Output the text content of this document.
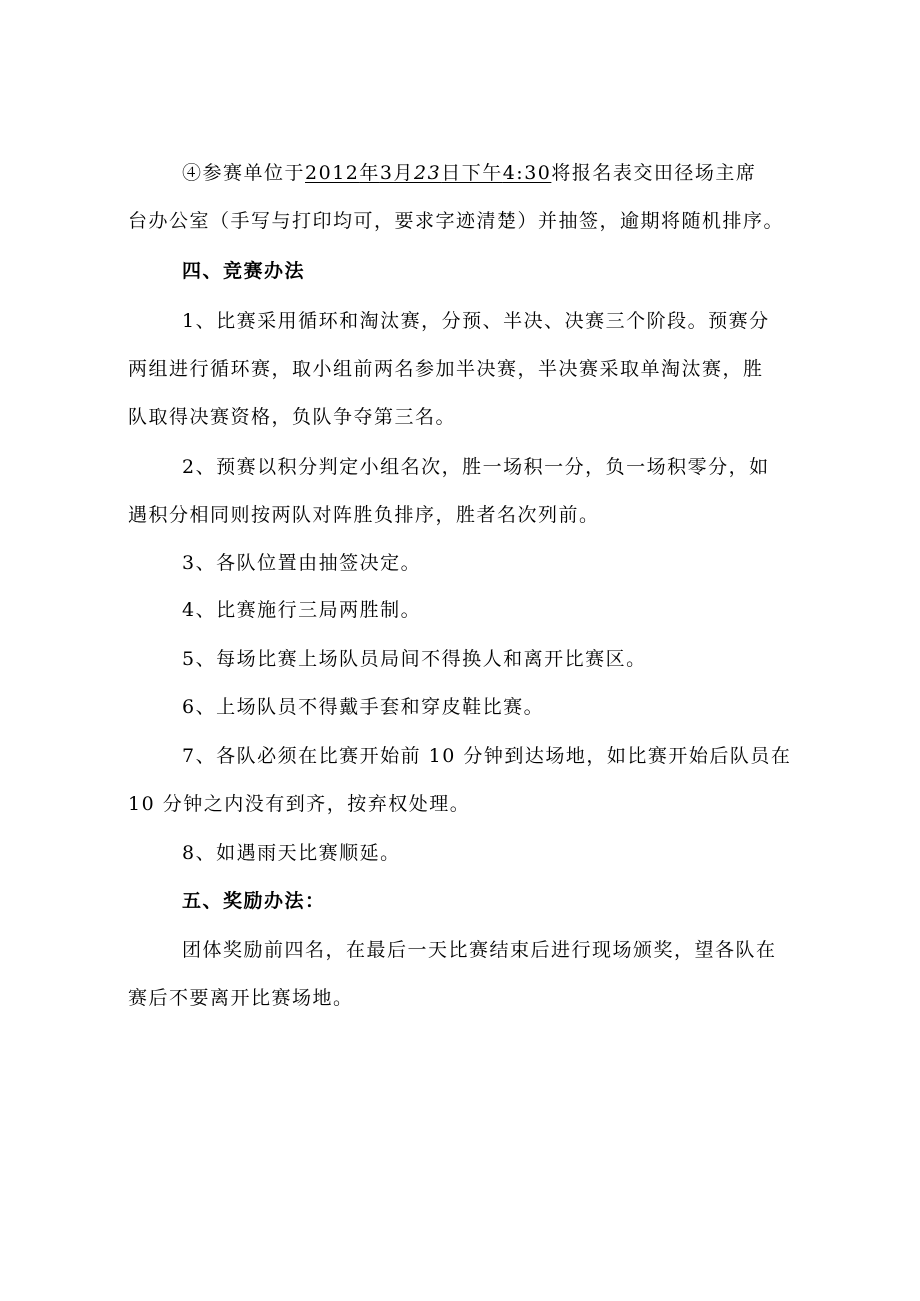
④参赛单位于2012年3月23日下午4:30将报名表交田径场主席
台办公室（手写与打印均可，要求字迹清楚）并抽签，逾期将随机排序。
四、竞赛办法
1、比赛采用循环和淘汰赛，分预、半决、决赛三个阶段。预赛分
两组进行循环赛，取小组前两名参加半决赛，半决赛采取单淘汰赛，胜
队取得决赛资格，负队争夺第三名。
2、预赛以积分判定小组名次，胜一场积一分，负一场积零分，如
遇积分相同则按两队对阵胜负排序，胜者名次列前。
3、各队位置由抽签决定。
4、比赛施行三局两胜制。
5、每场比赛上场队员局间不得换人和离开比赛区。
6、上场队员不得戴手套和穿皮鞋比赛。
7、各队必须在比赛开始前 10 分钟到达场地，如比赛开始后队员在
10 分钟之内没有到齐，按弃权处理。
8、如遇雨天比赛顺延。
五、奖励办法：
团体奖励前四名，在最后一天比赛结束后进行现场颁奖，望各队在
赛后不要离开比赛场地。
